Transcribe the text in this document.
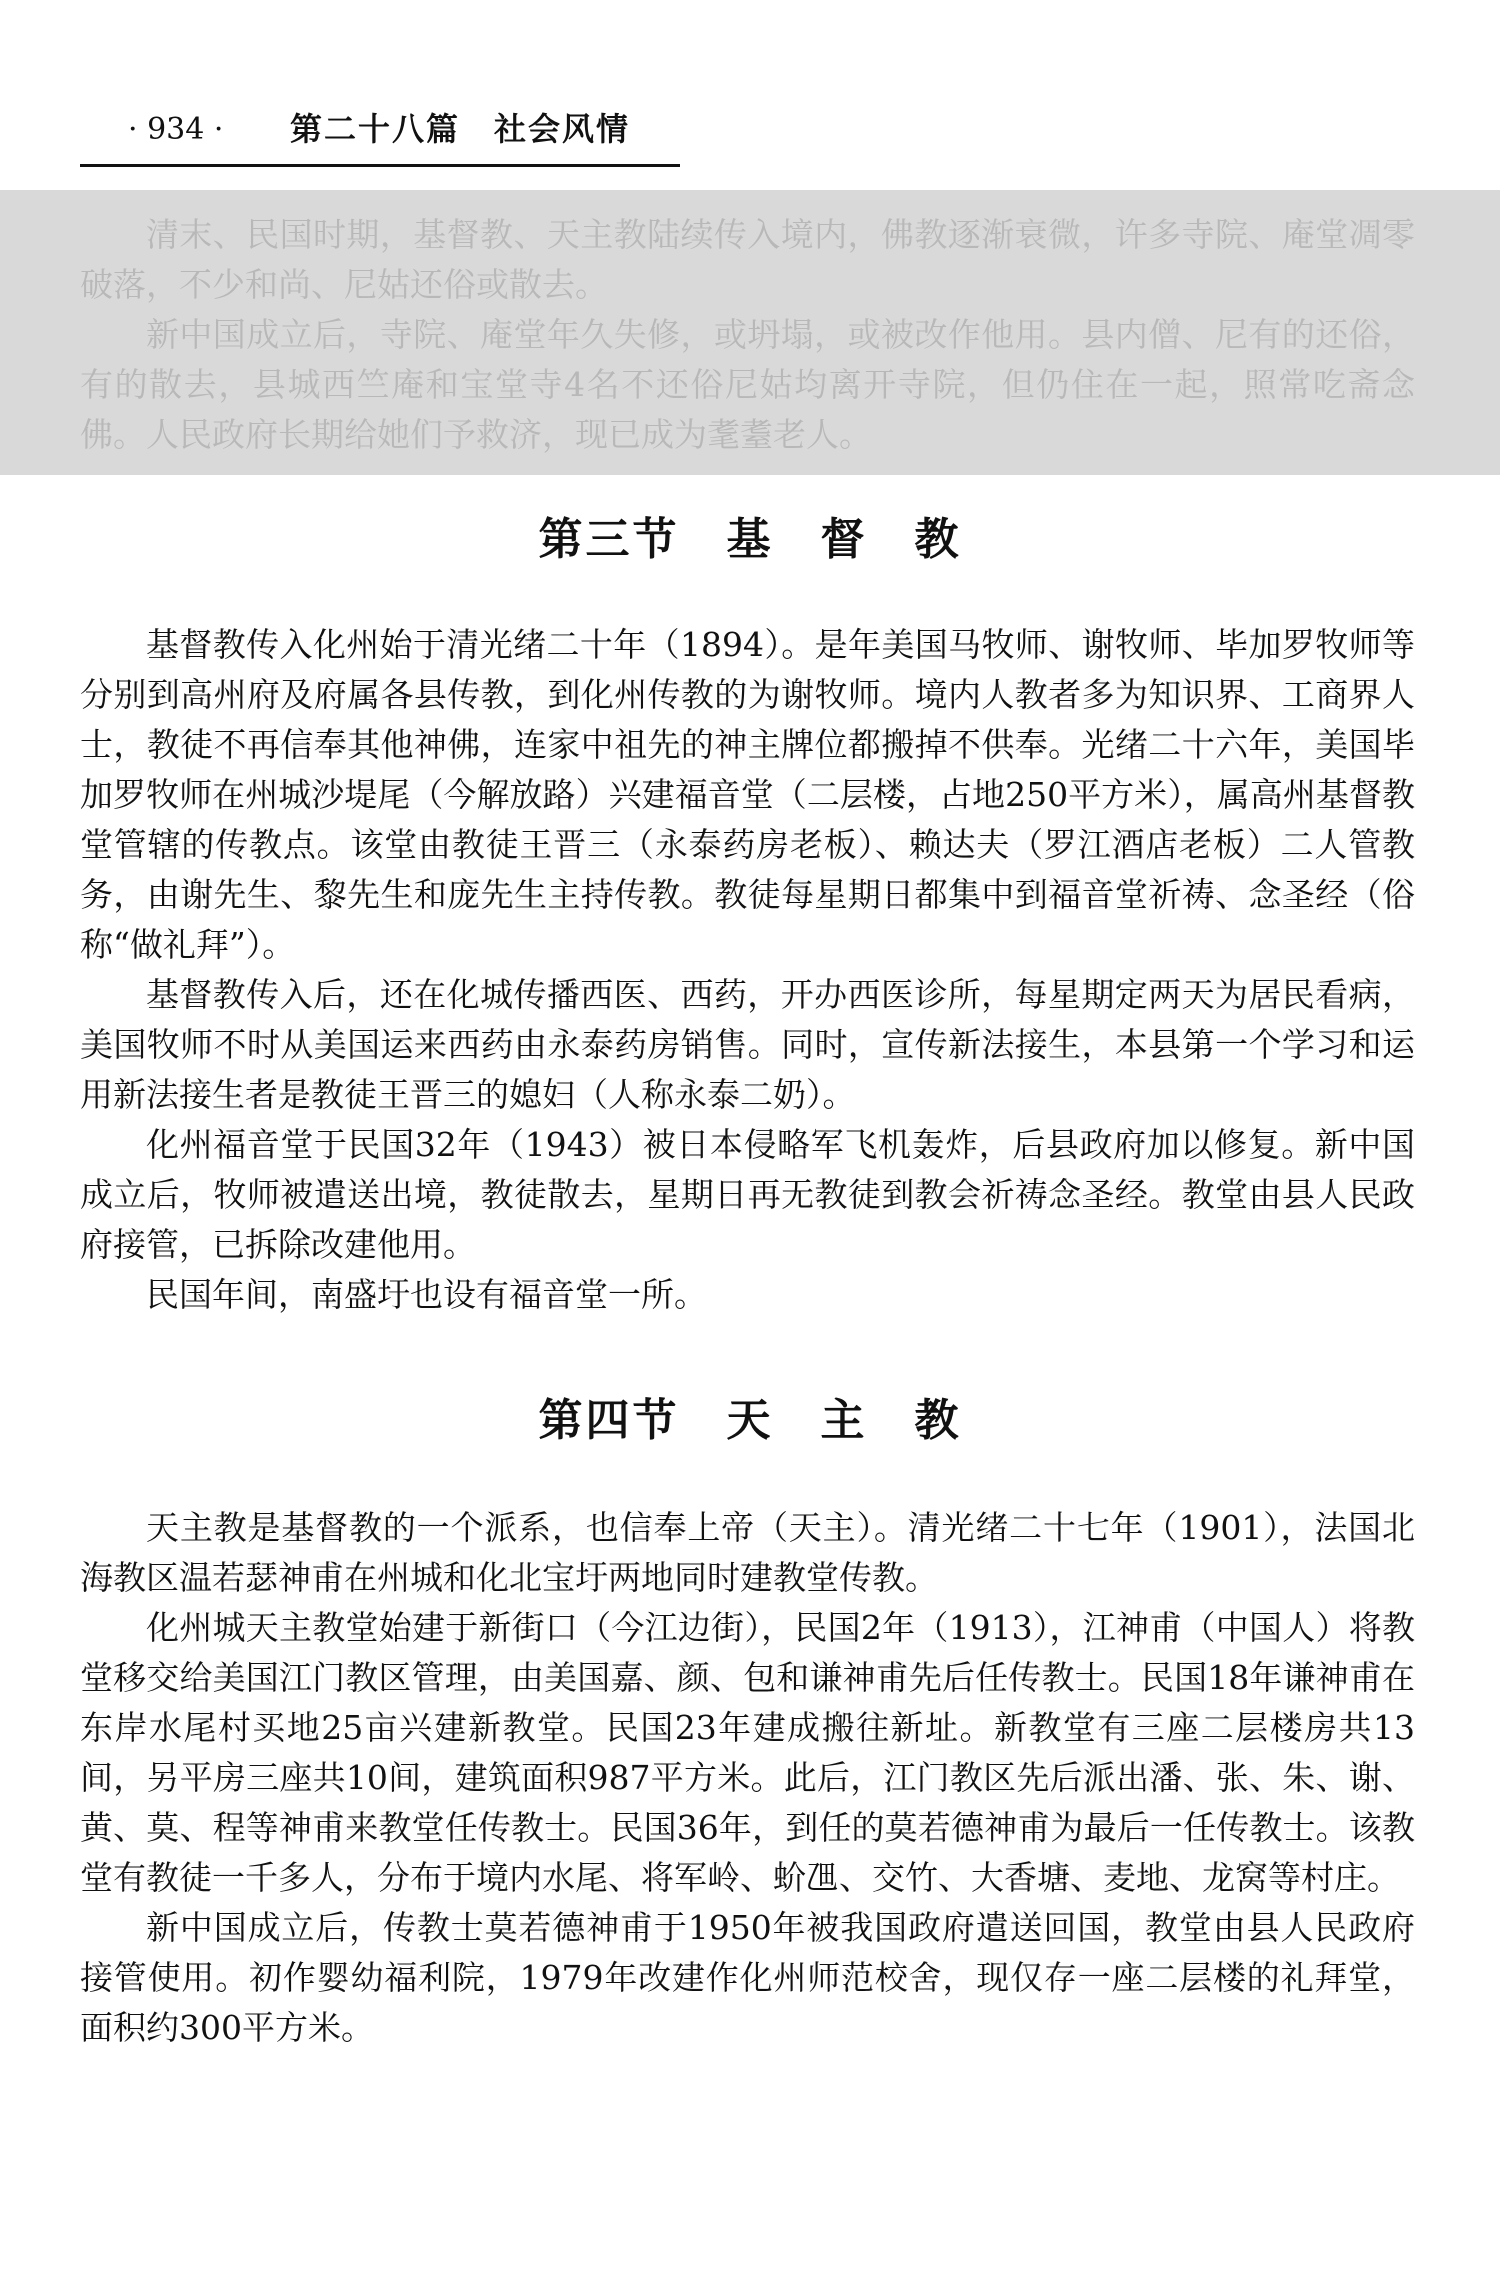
· 934 · 第二十八篇　社会风情

清末、民国时期，基督教、天主教陆续传入境内，佛教逐渐衰微，许多寺院、庵堂凋零破落，不少和尚、尼姑还俗或散去。

新中国成立后，寺院、庵堂年久失修，或坍塌，或被改作他用。县内僧、尼有的还俗，有的散去，县城西竺庵和宝堂寺4名不还俗尼姑均离开寺院，但仍住在一起，照常吃斋念佛。人民政府长期给她们予救济，现已成为耄耋老人。

第三节　基　督　教

基督教传入化州始于清光绪二十年（1894）。是年美国马牧师、谢牧师、毕加罗牧师等分别到高州府及府属各县传教，到化州传教的为谢牧师。境内人教者多为知识界、工商界人士，教徒不再信奉其他神佛，连家中祖先的神主牌位都搬掉不供奉。光绪二十六年，美国毕加罗牧师在州城沙堤尾（今解放路）兴建福音堂（二层楼，占地250平方米），属高州基督教堂管辖的传教点。该堂由教徒王晋三（永泰药房老板）、赖达夫（罗江酒店老板）二人管教务，由谢先生、黎先生和庞先生主持传教。教徒每星期日都集中到福音堂祈祷、念圣经（俗称“做礼拜”）。

基督教传入后，还在化城传播西医、西药，开办西医诊所，每星期定两天为居民看病，美国牧师不时从美国运来西药由永泰药房销售。同时，宣传新法接生，本县第一个学习和运用新法接生者是教徒王晋三的媳妇（人称永泰二奶）。

化州福音堂于民国32年（1943）被日本侵略军飞机轰炸，后县政府加以修复。新中国成立后，牧师被遣送出境，教徒散去，星期日再无教徒到教会祈祷念圣经。教堂由县人民政府接管，已拆除改建他用。

民国年间，南盛圩也设有福音堂一所。

第四节　天　主　教

天主教是基督教的一个派系，也信奉上帝（天主）。清光绪二十七年（1901），法国北海教区温若瑟神甫在州城和化北宝圩两地同时建教堂传教。

化州城天主教堂始建于新街口（今江边街），民国2年（1913），江神甫（中国人）将教堂移交给美国江门教区管理，由美国嘉、颜、包和谦神甫先后任传教士。民国18年谦神甫在东岸水尾村买地25亩兴建新教堂。民国23年建成搬往新址。新教堂有三座二层楼房共13间，另平房三座共10间，建筑面积987平方米。此后，江门教区先后派出潘、张、朱、谢、黄、莫、程等神甫来教堂任传教士。民国36年，到任的莫若德神甫为最后一任传教士。该教堂有教徒一千多人，分布于境内水尾、将军岭、蚧乪、交竹、大香塘、麦地、龙窝等村庄。

新中国成立后，传教士莫若德神甫于1950年被我国政府遣送回国，教堂由县人民政府接管使用。初作婴幼福利院，1979年改建作化州师范校舍，现仅存一座二层楼的礼拜堂，面积约300平方米。
